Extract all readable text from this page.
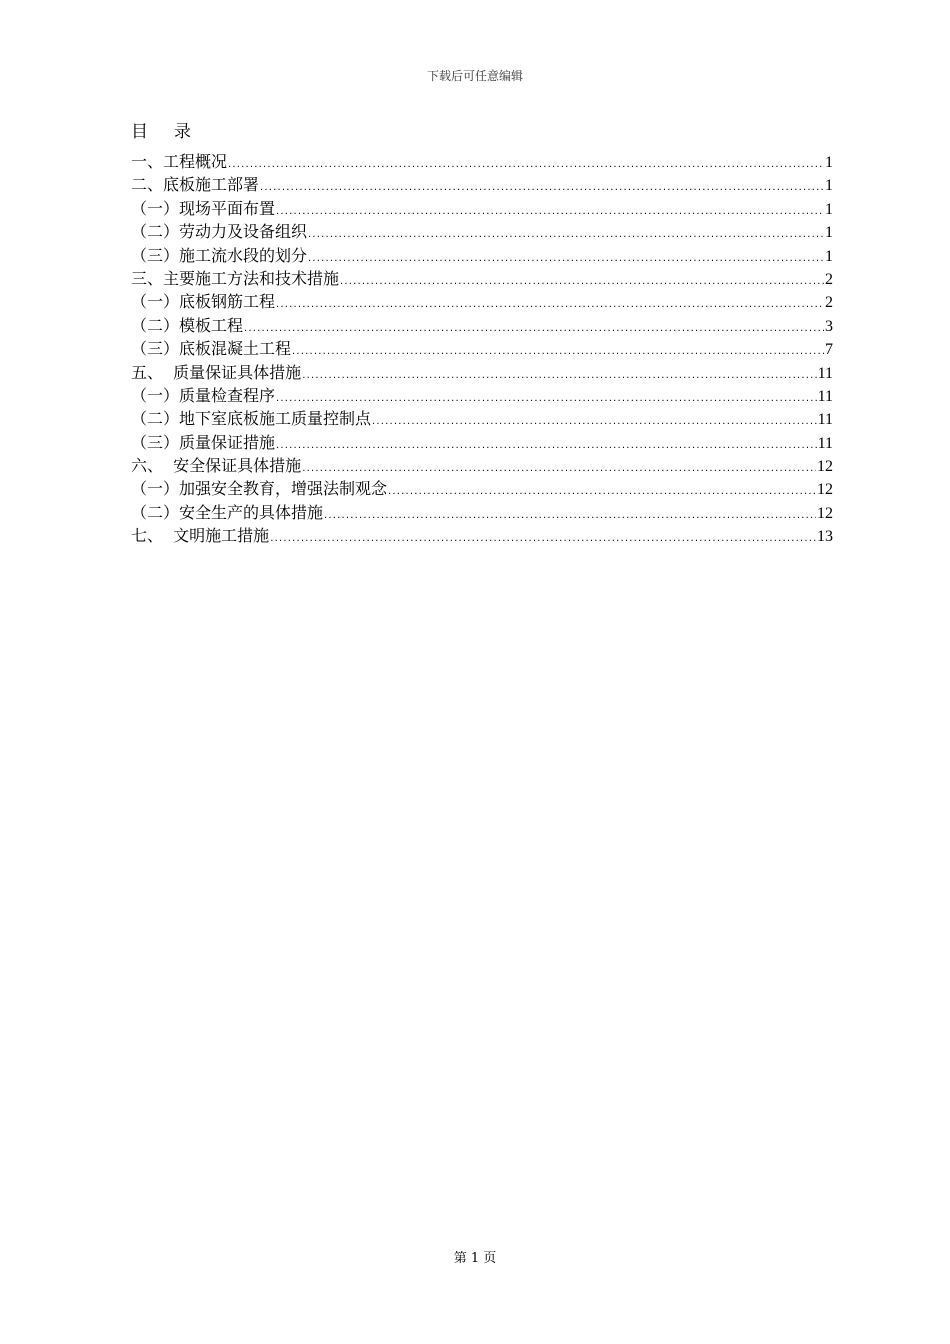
下载后可任意编辑
目 录
一、工程概况 .....	1
二、底板施工部署 .....	1
（一）现场平面布置 .....	1
（二）劳动力及设备组织 .....	1
（三）施工流水段的划分 .....	1
三、主要施工方法和技术措施 .....	2
（一）底板钢筋工程 .....	2
（二）模板工程 .....	3
（三）底板混凝土工程 .....	7
五、  质量保证具体措施 .....	11
（一）质量检查程序 .....	11
（二）地下室底板施工质量控制点 .....	11
（三）质量保证措施 .....	11
六、  安全保证具体措施 .....	12
（一）加强安全教育，增强法制观念 .....	12
（二）安全生产的具体措施 .....	12
七、  文明施工措施 .....	13
第 1 页
